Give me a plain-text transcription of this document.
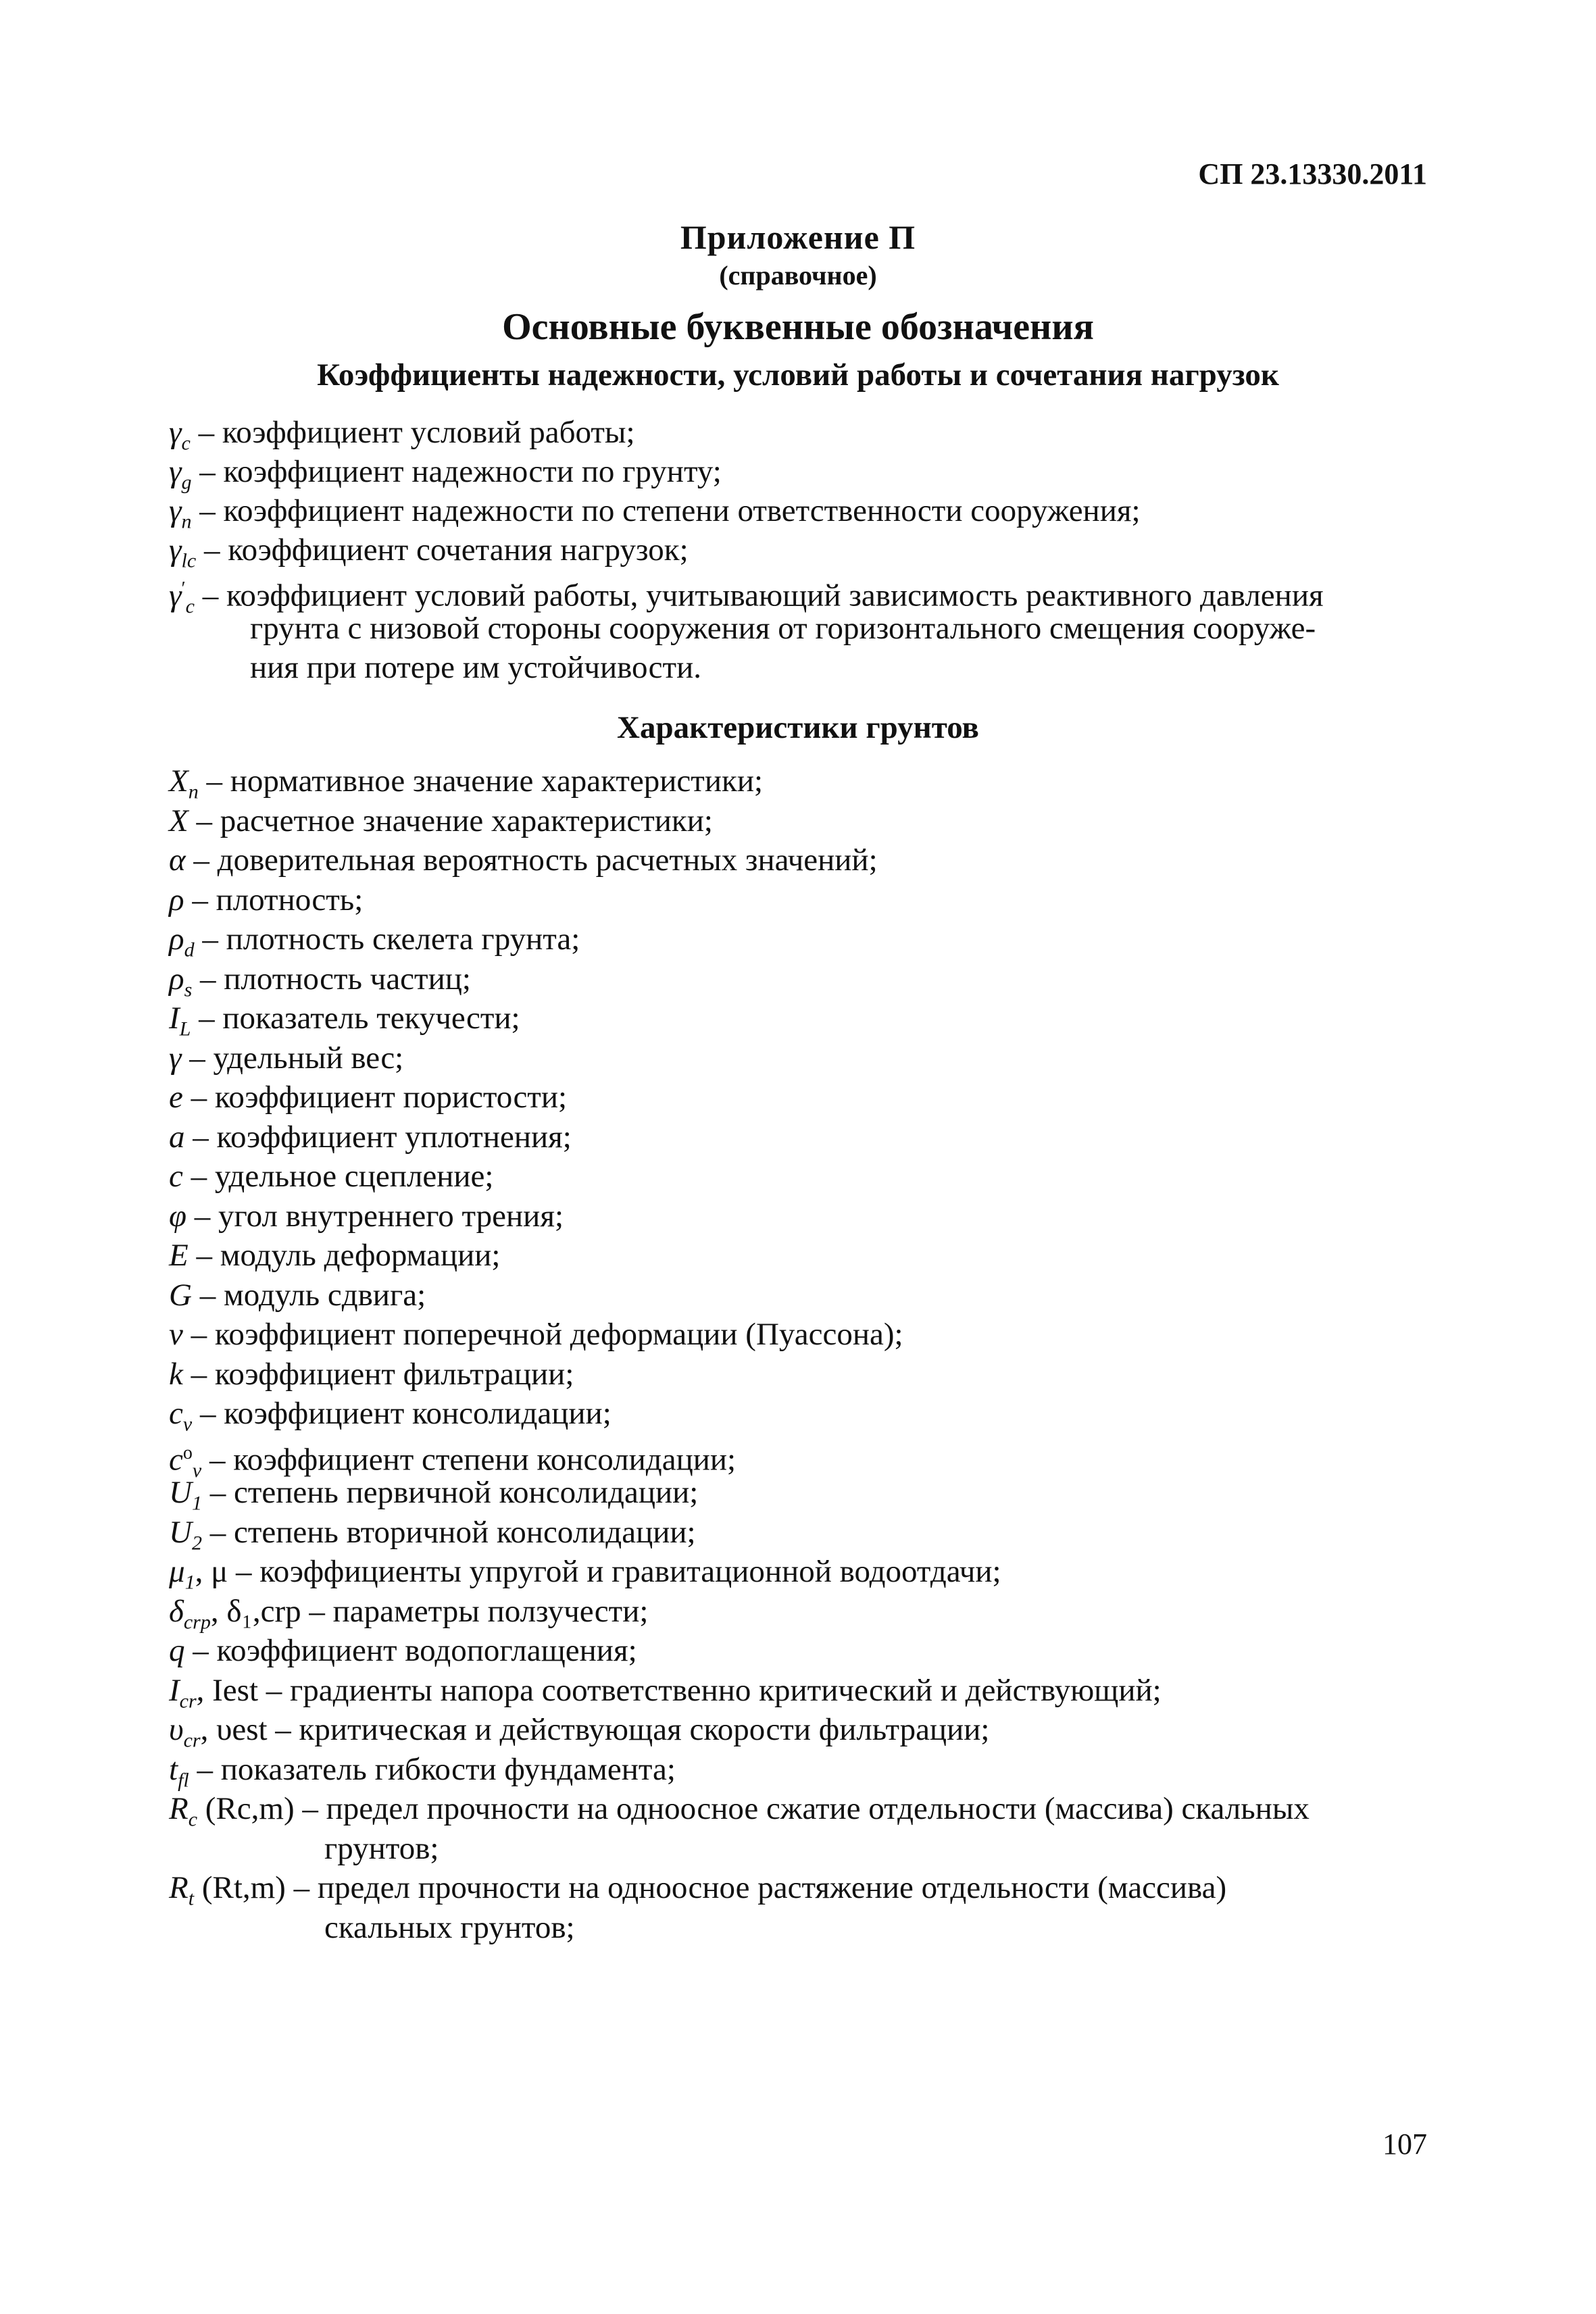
СП 23.13330.2011
Приложение П
(справочное)
Основные буквенные обозначения
Коэффициенты надежности, условий работы и сочетания нагрузок
$\gamma_c$ – коэффициент условий работы;
$\gamma_g$ – коэффициент надежности по грунту;
$\gamma_n$ – коэффициент надежности по степени ответственности сооружения;
$\gamma_{lc}$ – коэффициент сочетания нагрузок;
$\gamma'_c$ – коэффициент условий работы, учитывающий зависимость реактивного давления
грунта с низовой стороны сооружения от горизонтального смещения сооруже-
ния при потере им устойчивости.
Характеристики грунтов
$X_n$ – нормативное значение характеристики;
X – расчетное значение характеристики;
α – доверительная вероятность расчетных значений;
ρ – плотность;
$\rho_d$ – плотность скелета грунта;
$\rho_s$ – плотность частиц;
$I_L$ – показатель текучести;
γ – удельный вес;
e – коэффициент пористости;
a – коэффициент уплотнения;
c – удельное сцепление;
φ – угол внутреннего трения;
E – модуль деформации;
G – модуль сдвига;
ν – коэффициент поперечной деформации (Пуассона);
k – коэффициент фильтрации;
$c_v$ – коэффициент консолидации;
$c^o_v$ – коэффициент степени консолидации;
$U_1$ – степень первичной консолидации;
$U_2$ – степень вторичной консолидации;
$\mu_1$, μ – коэффициенты упругой и гравитационной водоотдачи;
$\delta_{crp}$, δ₁,crp – параметры ползучести;
q – коэффициент водопоглащения;
$I_{cr}$, Iest – градиенты напора соответственно критический и действующий;
$\upsilon_{cr}$, υest – критическая и действующая скорости фильтрации;
$t_{fl}$ – показатель гибкости фундамента;
$R_c$ (Rc,m) – предел прочности на одноосное сжатие отдельности (массива) скальных
грунтов;
$R_t$ (Rt,m) – предел прочности на одноосное растяжение отдельности (массива)
скальных грунтов;
107
